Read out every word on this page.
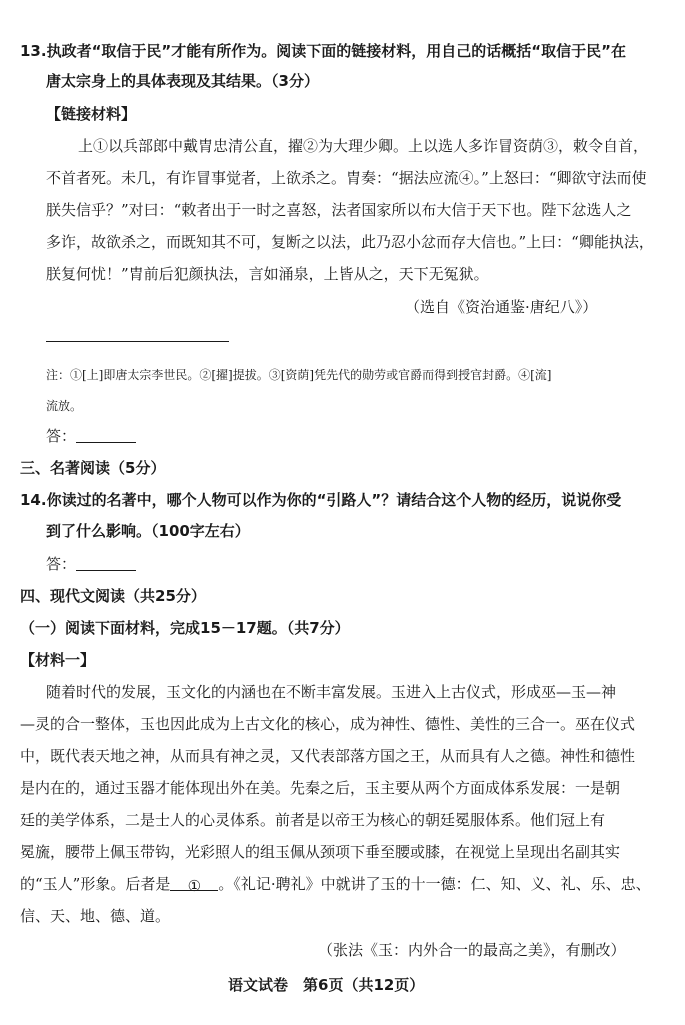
13.执政者“取信于民”才能有所作为。阅读下面的链接材料，用自己的话概括“取信于民”在
唐太宗身上的具体表现及其结果。（3分）
【链接材料】
上①以兵部郎中戴胄忠清公直，擢②为大理少卿。上以选人多诈冒资荫③，敕令自首，
不首者死。未几，有诈冒事觉者，上欲杀之。胄奏：“据法应流④。”上怒曰：“卿欲守法而使
朕失信乎？”对曰：“敕者出于一时之喜怒，法者国家所以布大信于天下也。陛下忿选人之
多诈，故欲杀之，而既知其不可，复断之以法，此乃忍小忿而存大信也。”上曰：“卿能执法，
朕复何忧！”胄前后犯颜执法，言如涌泉，上皆从之，天下无冤狱。
（选自《资治通鉴·唐纪八》）
注：①[上]即唐太宗李世民。②[擢]提拔。③[资荫]凭先代的勋劳或官爵而得到授官封爵。④[流]
流放。
答：
三、名著阅读（5分）
14.你读过的名著中，哪个人物可以作为你的“引路人”？请结合这个人物的经历，说说你受
到了什么影响。（100字左右）
答：
四、现代文阅读（共25分）
（一）阅读下面材料，完成15－17题。（共7分）
【材料一】
随着时代的发展，玉文化的内涵也在不断丰富发展。玉进入上古仪式，形成巫—玉—神
—灵的合一整体，玉也因此成为上古文化的核心，成为神性、德性、美性的三合一。巫在仪式
中，既代表天地之神，从而具有神之灵，又代表部落方国之王，从而具有人之德。神性和德性
是内在的，通过玉器才能体现出外在美。先秦之后，玉主要从两个方面成体系发展：一是朝
廷的美学体系，二是士人的心灵体系。前者是以帝王为核心的朝廷冕服体系。他们冠上有
冕旒，腰带上佩玉带钩，光彩照人的组玉佩从颈项下垂至腰或膝，在视觉上呈现出名副其实
的“玉人”形象。后者是 ① 。《礼记·聘礼》中就讲了玉的十一德：仁、知、义、礼、乐、忠、
信、天、地、德、道。
（张法《玉：内外合一的最高之美》，有删改）
语文试卷　第6页（共12页）
